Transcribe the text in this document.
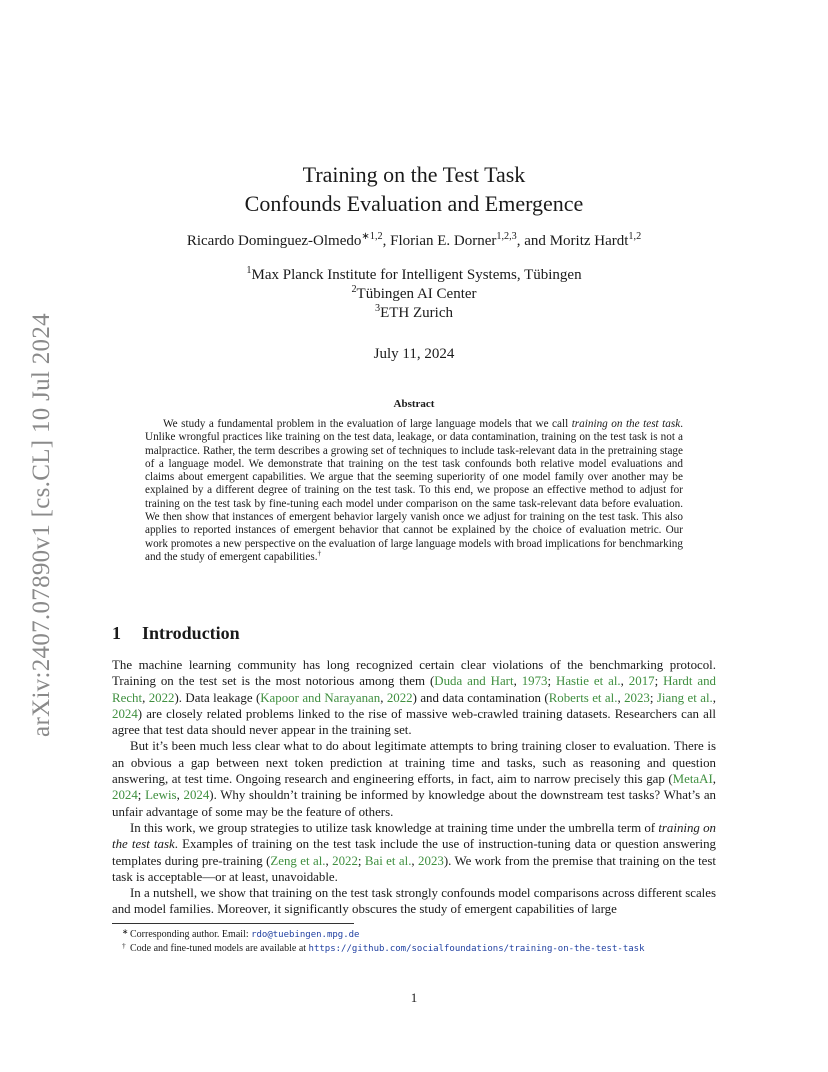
arXiv:2407.07890v1 [cs.CL] 10 Jul 2024
Training on the Test Task
Confounds Evaluation and Emergence
Ricardo Dominguez-Olmedo$^{∗1,2}$, Florian E. Dorner$^{1,2,3}$, and Moritz Hardt$^{1,2}$
$^1$Max Planck Institute for Intelligent Systems, Tübingen
$^2$Tübingen AI Center
$^3$ETH Zurich
July 11, 2024
Abstract
We study a fundamental problem in the evaluation of large language models that we call training on the test task. Unlike wrongful practices like training on the test data, leakage, or data contamination, training on the test task is not a malpractice. Rather, the term describes a growing set of techniques to include task-relevant data in the pretraining stage of a language model. We demonstrate that training on the test task confounds both relative model evaluations and claims about emergent capabilities. We argue that the seeming superiority of one model family over another may be explained by a different degree of training on the test task. To this end, we propose an effective method to adjust for training on the test task by fine-tuning each model under comparison on the same task-relevant data before evaluation. We then show that instances of emergent behavior largely vanish once we adjust for training on the test task. This also applies to reported instances of emergent behavior that cannot be explained by the choice of evaluation metric. Our work promotes a new perspective on the evaluation of large language models with broad implications for benchmarking and the study of emergent capabilities.†
1 Introduction

The machine learning community has long recognized certain clear violations of the benchmarking protocol. Training on the test set is the most notorious among them (Duda and Hart, 1973; Hastie et al., 2017; Hardt and Recht, 2022). Data leakage (Kapoor and Narayanan, 2022) and data contamination (Roberts et al., 2023; Jiang et al., 2024) are closely related problems linked to the rise of massive web-crawled training datasets. Researchers can all agree that test data should never appear in the training set.

But it’s been much less clear what to do about legitimate attempts to bring training closer to evaluation. There is an obvious a gap between next token prediction at training time and tasks, such as reasoning and question answering, at test time. Ongoing research and engineering efforts, in fact, aim to narrow precisely this gap (MetaAI, 2024; Lewis, 2024). Why shouldn’t training be informed by knowledge about the downstream test tasks? What’s an unfair advantage of some may be the feature of others.

In this work, we group strategies to utilize task knowledge at training time under the umbrella term of training on the test task. Examples of training on the test task include the use of instruction-tuning data or question answering templates during pre-training (Zeng et al., 2022; Bai et al., 2023). We work from the premise that training on the test task is acceptable—or at least, unavoidable.

In a nutshell, we show that training on the test task strongly confounds model comparisons across different scales and model families. Moreover, it significantly obscures the study of emergent capabilities of large

∗ Corresponding author. Email: rdo@tuebingen.mpg.de
† Code and fine-tuned models are available at https://github.com/socialfoundations/training-on-the-test-task
1
